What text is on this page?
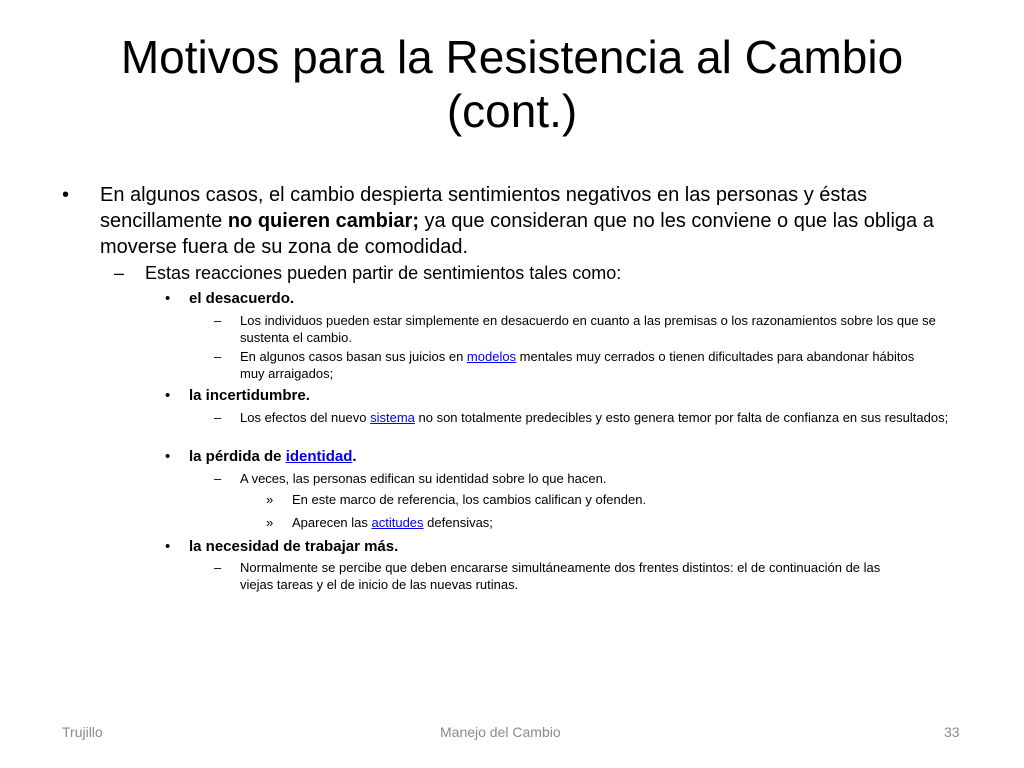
Motivos para la Resistencia al Cambio
(cont.)
• En algunos casos, el cambio despierta sentimientos negativos en las personas y éstas sencillamente no quieren cambiar; ya que consideran que no les conviene o que las obliga a moverse fuera de su zona de comodidad.
– Estas reacciones pueden partir de sentimientos tales como:
• el desacuerdo.
– Los individuos pueden estar simplemente en desacuerdo en cuanto a las premisas o los razonamientos sobre los que se sustenta el cambio.
– En algunos casos basan sus juicios en modelos mentales muy cerrados o tienen dificultades para abandonar hábitos muy arraigados;
• la incertidumbre.
– Los efectos del nuevo sistema no son totalmente predecibles y esto genera temor por falta de confianza en sus resultados;
• la pérdida de identidad.
– A veces, las personas edifican su identidad sobre lo que hacen.
» En este marco de referencia, los cambios califican y ofenden.
» Aparecen las actitudes defensivas;
• la necesidad de trabajar más.
– Normalmente se percibe que deben encararse simultáneamente dos frentes distintos: el de continuación de las viejas tareas y el de inicio de las nuevas rutinas.
Trujillo	Manejo del Cambio	33
